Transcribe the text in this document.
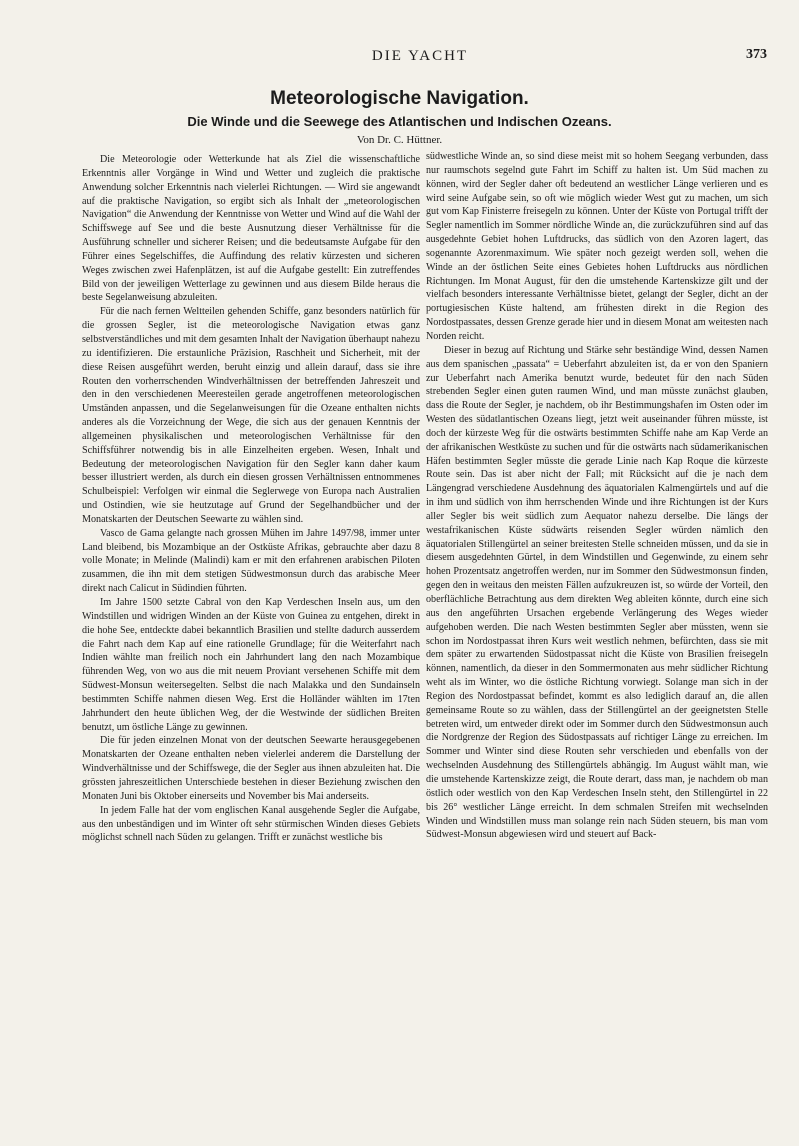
DIE YACHT	373
Meteorologische Navigation.
Die Winde und die Seewege des Atlantischen und Indischen Ozeans.
Von Dr. C. Hüttner.

Die Meteorologie oder Wetterkunde hat als Ziel die wissenschaftliche Erkenntnis aller Vorgänge in Wind und Wetter und zugleich die praktische Anwendung solcher Erkenntnis nach vielerlei Richtungen. — Wird sie angewandt auf die praktische Navigation, so ergibt sich als Inhalt der „meteorologischen Navigation“ die Anwendung der Kenntnisse von Wetter und Wind auf die Wahl der Schiffswege auf See und die beste Ausnutzung dieser Verhältnisse für die Ausführung schneller und sicherer Reisen; und die bedeutsamste Aufgabe für den Führer eines Segelschiffes, die Auffindung des relativ kürzesten und sicheren Weges zwischen zwei Hafenplätzen, ist auf die Aufgabe gestellt: Ein zutreffendes Bild von der jeweiligen Wetterlage zu gewinnen und aus diesem Bilde heraus die beste Segelanweisung abzuleiten.

Für die nach fernen Weltteilen gehenden Schiffe, ganz besonders natürlich für die grossen Segler, ist die meteorologische Navigation etwas ganz selbstverständliches und mit dem gesamten Inhalt der Navigation überhaupt nahezu zu identifizieren. Die erstaunliche Präzision, Raschheit und Sicherheit, mit der diese Reisen ausgeführt werden, beruht einzig und allein darauf, dass sie ihre Routen den vorherrschenden Windverhältnissen der betreffenden Jahreszeit und den in den verschiedenen Meeresteilen gerade angetroffenen meteorologischen Umständen anpassen, und die Segelanweisungen für die Ozeane enthalten nichts anderes als die Vorzeichnung der Wege, die sich aus der genauen Kenntnis der allgemeinen physikalischen und meteorologischen Verhältnisse für den Schiffsführer notwendig bis in alle Einzelheiten ergeben. Wesen, Inhalt und Bedeutung der meteorologischen Navigation für den Segler kann daher kaum besser illustriert werden, als durch ein diesen grossen Verhältnissen entnommenes Schulbeispiel: Verfolgen wir einmal die Seglerwege von Europa nach Australien und Ostindien, wie sie heutzutage auf Grund der Segelhandbücher und der Monatskarten der Deutschen Seewarte zu wählen sind.

Vasco de Gama gelangte nach grossen Mühen im Jahre 1497/98, immer unter Land bleibend, bis Mozambique an der Ostküste Afrikas, gebrauchte aber dazu 8 volle Monate; in Melinde (Malindi) kam er mit den erfahrenen arabischen Piloten zusammen, die ihn mit dem stetigen Südwestmonsun durch das arabische Meer direkt nach Calicut in Südindien führten.

Im Jahre 1500 setzte Cabral von den Kap Verdeschen Inseln aus, um den Windstillen und widrigen Winden an der Küste von Guinea zu entgehen, direkt in die hohe See, entdeckte dabei bekanntlich Brasilien und stellte dadurch ausserdem die Fahrt nach dem Kap auf eine rationelle Grundlage; für die Weiterfahrt nach Indien wählte man freilich noch ein Jahrhundert lang den nach Mozambique führenden Weg, von wo aus die mit neuem Proviant versehenen Schiffe mit dem Südwest-Monsun weitersegelten. Selbst die nach Malakka und den Sundainseln bestimmten Schiffe nahmen diesen Weg. Erst die Holländer wählten im 17ten Jahrhundert den heute üblichen Weg, der die Westwinde der südlichen Breiten benutzt, um östliche Länge zu gewinnen.

Die für jeden einzelnen Monat von der deutschen Seewarte herausgegebenen Monatskarten der Ozeane enthalten neben vielerlei anderem die Darstellung der Windverhältnisse und der Schiffswege, die der Segler aus ihnen abzuleiten hat. Die grössten jahreszeitlichen Unterschiede bestehen in dieser Beziehung zwischen den Monaten Juni bis Oktober einerseits und November bis Mai anderseits.

In jedem Falle hat der vom englischen Kanal ausgehende Segler die Aufgabe, aus den unbeständigen und im Winter oft sehr stürmischen Winden dieses Gebiets möglichst schnell nach Süden zu gelangen. Trifft er zunächst westliche bis

südwestliche Winde an, so sind diese meist mit so hohem Seegang verbunden, dass nur raumschots segelnd gute Fahrt im Schiff zu halten ist. Um Süd machen zu können, wird der Segler daher oft bedeutend an westlicher Länge verlieren und es wird seine Aufgabe sein, so oft wie möglich wieder West gut zu machen, um sich gut vom Kap Finisterre freisegeln zu können. Unter der Küste von Portugal trifft der Segler namentlich im Sommer nördliche Winde an, die zurückzuführen sind auf das ausgedehnte Gebiet hohen Luftdrucks, das südlich von den Azoren lagert, das sogenannte Azorenmaximum. Wie später noch gezeigt werden soll, wehen die Winde an der östlichen Seite eines Gebietes hohen Luftdrucks aus nördlichen Richtungen. Im Monat August, für den die umstehende Kartenskizze gilt und der vielfach besonders interessante Verhältnisse bietet, gelangt der Segler, dicht an der portugiesischen Küste haltend, am frühesten direkt in die Region des Nordostpassates, dessen Grenze gerade hier und in diesem Monat am weitesten nach Norden reicht.

Dieser in bezug auf Richtung und Stärke sehr beständige Wind, dessen Namen aus dem spanischen „passata“ = Ueberfahrt abzuleiten ist, da er von den Spaniern zur Ueberfahrt nach Amerika benutzt wurde, bedeutet für den nach Süden strebenden Segler einen guten raumen Wind, und man müsste zunächst glauben, dass die Route der Segler, je nachdem, ob ihr Bestimmungshafen im Osten oder im Westen des südatlantischen Ozeans liegt, jetzt weit auseinander führen müsste, ist doch der kürzeste Weg für die ostwärts bestimmten Schiffe nahe am Kap Verde an der afrikanischen Westküste zu suchen und für die ostwärts nach südamerikanischen Häfen bestimmten Segler müsste die gerade Linie nach Kap Roque die kürzeste Route sein. Das ist aber nicht der Fall; mit Rücksicht auf die je nach dem Längengrad verschiedene Ausdehnung des äquatorialen Kalmengürtels und auf die in ihm und südlich von ihm herrschenden Winde und ihre Richtungen ist der Kurs aller Segler bis weit südlich zum Aequator nahezu derselbe. Die längs der westafrikanischen Küste südwärts reisenden Segler würden nämlich den äquatorialen Stillengürtel an seiner breitesten Stelle schneiden müssen, und da sie in diesem ausgedehnten Gürtel, in dem Windstillen und Gegenwinde, zu einem sehr hohen Prozentsatz angetroffen werden, nur im Sommer den Südwestmonsun finden, gegen den in weitaus den meisten Fällen aufzukreuzen ist, so würde der Vorteil, den oberflächliche Betrachtung aus dem direkten Weg ableiten könnte, durch eine sich aus den angeführten Ursachen ergebende Verlängerung des Weges wieder aufgehoben werden. Die nach Westen bestimmten Segler aber müssten, wenn sie schon im Nordostpassat ihren Kurs weit westlich nehmen, befürchten, dass sie mit dem später zu erwartenden Südostpassat nicht die Küste von Brasilien freisegeln können, namentlich, da dieser in den Sommermonaten aus mehr südlicher Richtung weht als im Winter, wo die östliche Richtung vorwiegt. Solange man sich in der Region des Nordostpassat befindet, kommt es also lediglich darauf an, die allen gemeinsame Route so zu wählen, dass der Stillengürtel an der geeignetsten Stelle betreten wird, um entweder direkt oder im Sommer durch den Südwestmonsun auch die Nordgrenze der Region des Südostpassats auf richtiger Länge zu erreichen. Im Sommer und Winter sind diese Routen sehr verschieden und ebenfalls von der wechselnden Ausdehnung des Stillengürtels abhängig. Im August wählt man, wie die umstehende Kartenskizze zeigt, die Route derart, dass man, je nachdem ob man östlich oder westlich von den Kap Verdeschen Inseln steht, den Stillengürtel in 22 bis 26° westlicher Länge erreicht. In dem schmalen Streifen mit wechselnden Winden und Windstillen muss man solange rein nach Süden steuern, bis man vom Südwest-Monsun abgewiesen wird und steuert auf Back-
